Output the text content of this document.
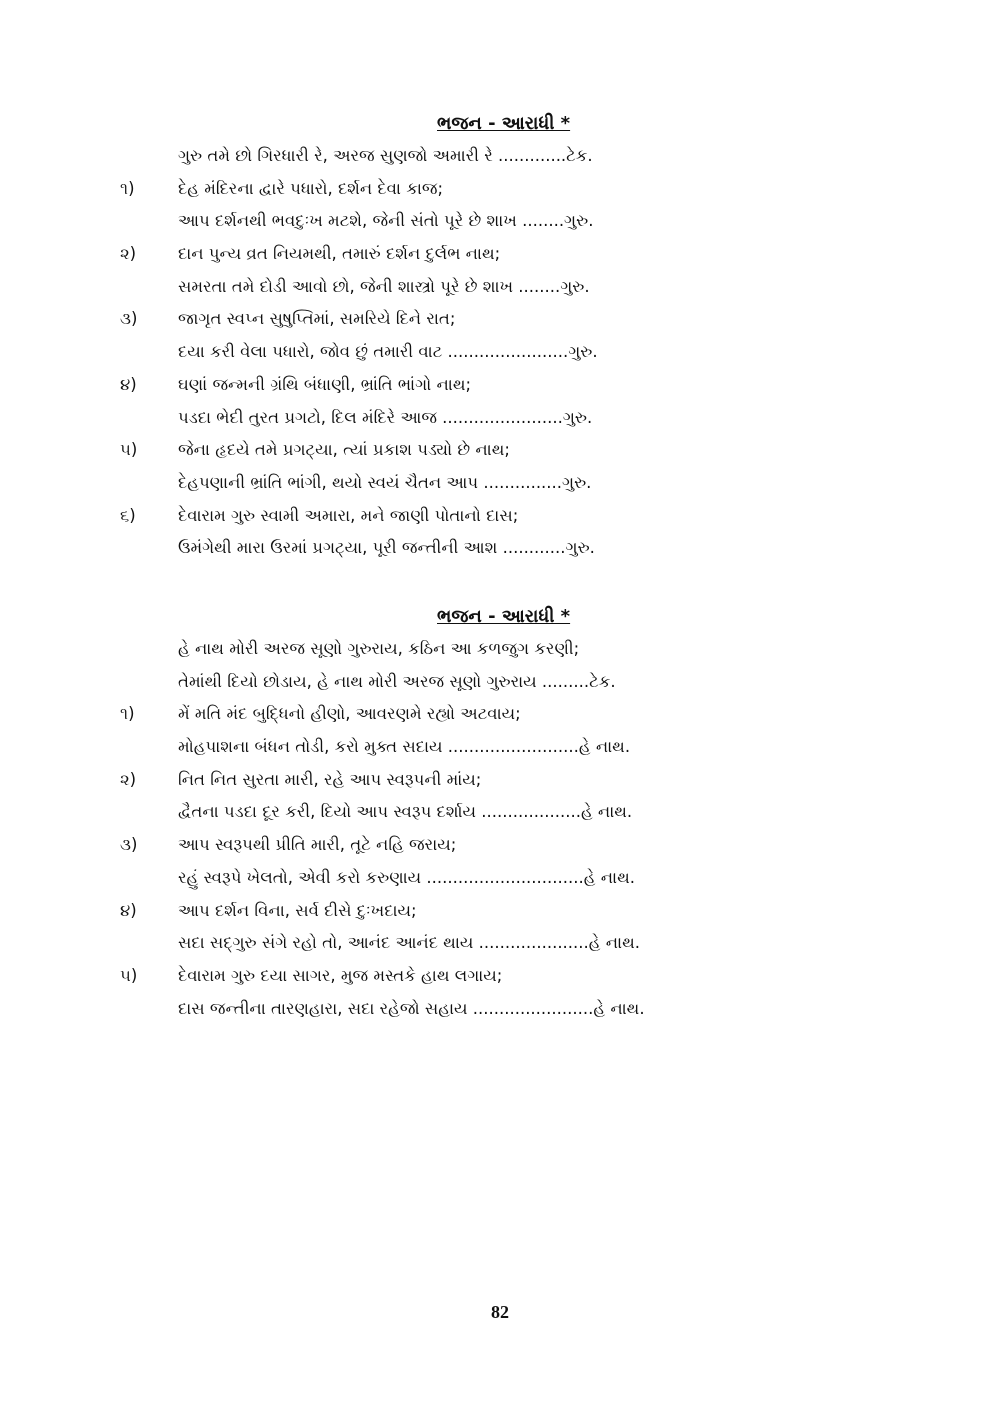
ભજન - આરાધી *
ગુરુ તમે છો ગિરધારી રે, અરજ સુણજો અમારી રે .............ટેક.
૧)	દેહ મંદિરના દ્વારે પધારો, દર્શન દેવા કાજ;
આપ દર્શનથી ભવદુઃખ મટશે, જેની સંતો પૂરે છે શાખ ........ગુરુ.
૨)	દાન પુન્ય વ્રત નિયમથી, તમારું દર્શન દુર્લભ નાથ;
સમરતા તમે દોડી આવો છો, જેની શાસ્ત્રો પૂરે છે શાખ ........ગુરુ.
૩) જાગૃત સ્વપ્ન સુષુપ્તિમાં, સમરિયે દિને રાત;
દયા કરી વેલા પધારો, જોવ છું તમારી વાટ .......................ગુરુ.
૪)	ઘણાં જન્મની ગ્રંથિ બંધાણી, ભ્રાંતિ ભાંગો નાથ;
પડદા ભેદી તુરત પ્રગટો, દિલ મંદિરે આજ .......................ગુરુ.
૫) જેના હૃદયે તમે પ્રગટ્યા, ત્યાં પ્રકાશ પડ્યો છે નાથ;
દેહપણાની ભ્રાંતિ ભાંગી, થયો સ્વયં ચૈતન આપ ...............ગુરુ.
૬)	દેવારામ ગુરુ સ્વામી અમારા, મને જાણી પોતાનો દાસ;
ઉમંગેથી મારા ઉરમાં પ્રગટ્યા, પૂરી જન્તીની આશ ............ગુરુ.
ભજન - આરાધી *
હે નાથ મોરી અરજ સૂણો ગુરુરાય, કઠિન આ કળજુગ કરણી;
તેમાંથી દિયો છોડાય, હે નાથ મોરી અરજ સૂણો ગુરુરાય .........ટેક.
૧)	મેં મતિ મંદ બુદ્ધિનો હીણો, આવરણમે રહ્યો અટવાય;
મોહપાશના બંધન તોડી, કરો મુક્ત સદાય .........................હે નાથ.
૨)	નિત નિત સુરતા મારી, રહે આપ સ્વરૂપની માંય;
દ્વૈતના પડદા દૂર કરી, દિયો આપ સ્વરૂપ દર્શાય ...................હે નાથ.
૩) આપ સ્વરૂપથી પ્રીતિ મારી, તૂટે નહિ જરાય;
રહું સ્વરૂપે ખેલતો, એવી કરો કરુણાય ..............................હે નાથ.
૪)	આપ દર્શન વિના, સર્વ દીસે દુઃખદાય;
સદા સદ્‌ગુરુ સંગે રહો તો, આનંદ આનંદ થાય .....................હે નાથ.
૫) દેવારામ ગુરુ દયા સાગર, મુજ મસ્તકે હાથ લગાય;
દાસ જન્તીના તારણહારા, સદા રહેજો સહાય .......................હે નાથ.
82
